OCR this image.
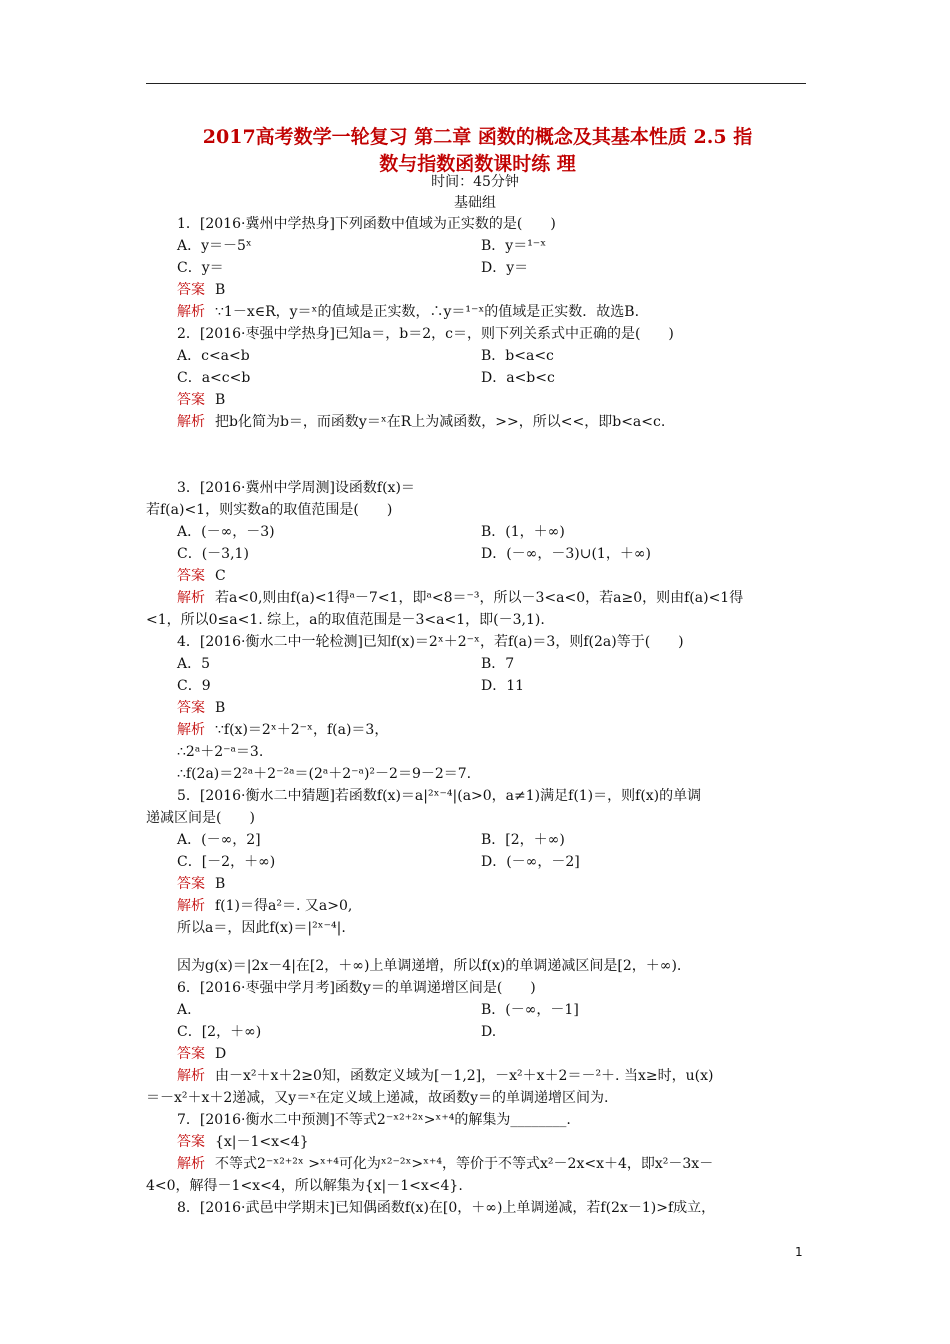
2017高考数学一轮复习 第二章 函数的概念及其基本性质 2.5 指
数与指数函数课时练 理
时间：45分钟
基础组
1．[2016·冀州中学热身]下列函数中值域为正实数的是(　　)
A．y＝－5ˣ	B．y＝¹⁻ˣ
C．y＝	D．y＝
答案 B
解析 ∵1－x∈R，y＝ˣ的值域是正实数，∴y＝¹⁻ˣ的值域是正实数．故选B.
2．[2016·枣强中学热身]已知a＝，b＝2，c＝，则下列关系式中正确的是(　　)
A．c<a<b	B．b<a<c
C．a<c<b	D．a<b<c
答案 B
解析 把b化简为b＝，而函数y＝ˣ在R上为减函数，>>，所以<<，即b<a<c.
3．[2016·冀州中学周测]设函数f(x)＝
若f(a)<1，则实数a的取值范围是(　　)
A．(－∞，－3)	B．(1，＋∞)
C．(－3,1)	D．(－∞，－3)∪(1，＋∞)
答案 C
解析 若a<0,则由f(a)<1得ᵃ－7<1，即ᵃ<8＝⁻³，所以－3<a<0，若a≥0，则由f(a)<1得
<1，所以0≤a<1. 综上，a的取值范围是－3<a<1，即(－3,1).
4．[2016·衡水二中一轮检测]已知f(x)＝2ˣ＋2⁻ˣ，若f(a)＝3，则f(2a)等于(　　)
A．5	B．7
C．9	D．11
答案 B
解析 ∵f(x)＝2ˣ＋2⁻ˣ，f(a)＝3，
∴2ᵃ＋2⁻ᵃ＝3.
∴f(2a)＝2²ᵃ＋2⁻²ᵃ＝(2ᵃ＋2⁻ᵃ)²－2＝9－2＝7.
5．[2016·衡水二中猜题]若函数f(x)＝a|²ˣ⁻⁴|(a>0，a≠1)满足f(1)＝，则f(x)的单调
递减区间是(　　)
A．(－∞，2]	B．[2，＋∞)
C．[－2，＋∞)	D．(－∞，－2]
答案 B
解析 f(1)＝得a²＝. 又a>0,
所以a＝，因此f(x)＝|²ˣ⁻⁴|.
因为g(x)＝|2x－4|在[2，＋∞)上单调递增，所以f(x)的单调递减区间是[2，＋∞).
6．[2016·枣强中学月考]函数y＝的单调递增区间是(　　)
A.	B．(－∞，－1]
C．[2，＋∞)	D.
答案 D
解析 由－x²＋x＋2≥0知，函数定义域为[－1,2]，－x²＋x＋2＝－²＋. 当x≥时，u(x)
＝－x²＋x＋2递减，又y＝ˣ在定义域上递减，故函数y＝的单调递增区间为.
7．[2016·衡水二中预测]不等式2⁻ˣ²⁺²ˣ>ˣ⁺⁴的解集为________.
答案 {x|－1<x<4}
解析 不等式2⁻ˣ²⁺²ˣ >ˣ⁺⁴可化为ˣ²⁻²ˣ>ˣ⁺⁴，等价于不等式x²－2x<x＋4，即x²－3x－
4<0，解得－1<x<4，所以解集为{x|－1<x<4}.
8．[2016·武邑中学期末]已知偶函数f(x)在[0，＋∞)上单调递减，若f(2x－1)>f成立，
1
